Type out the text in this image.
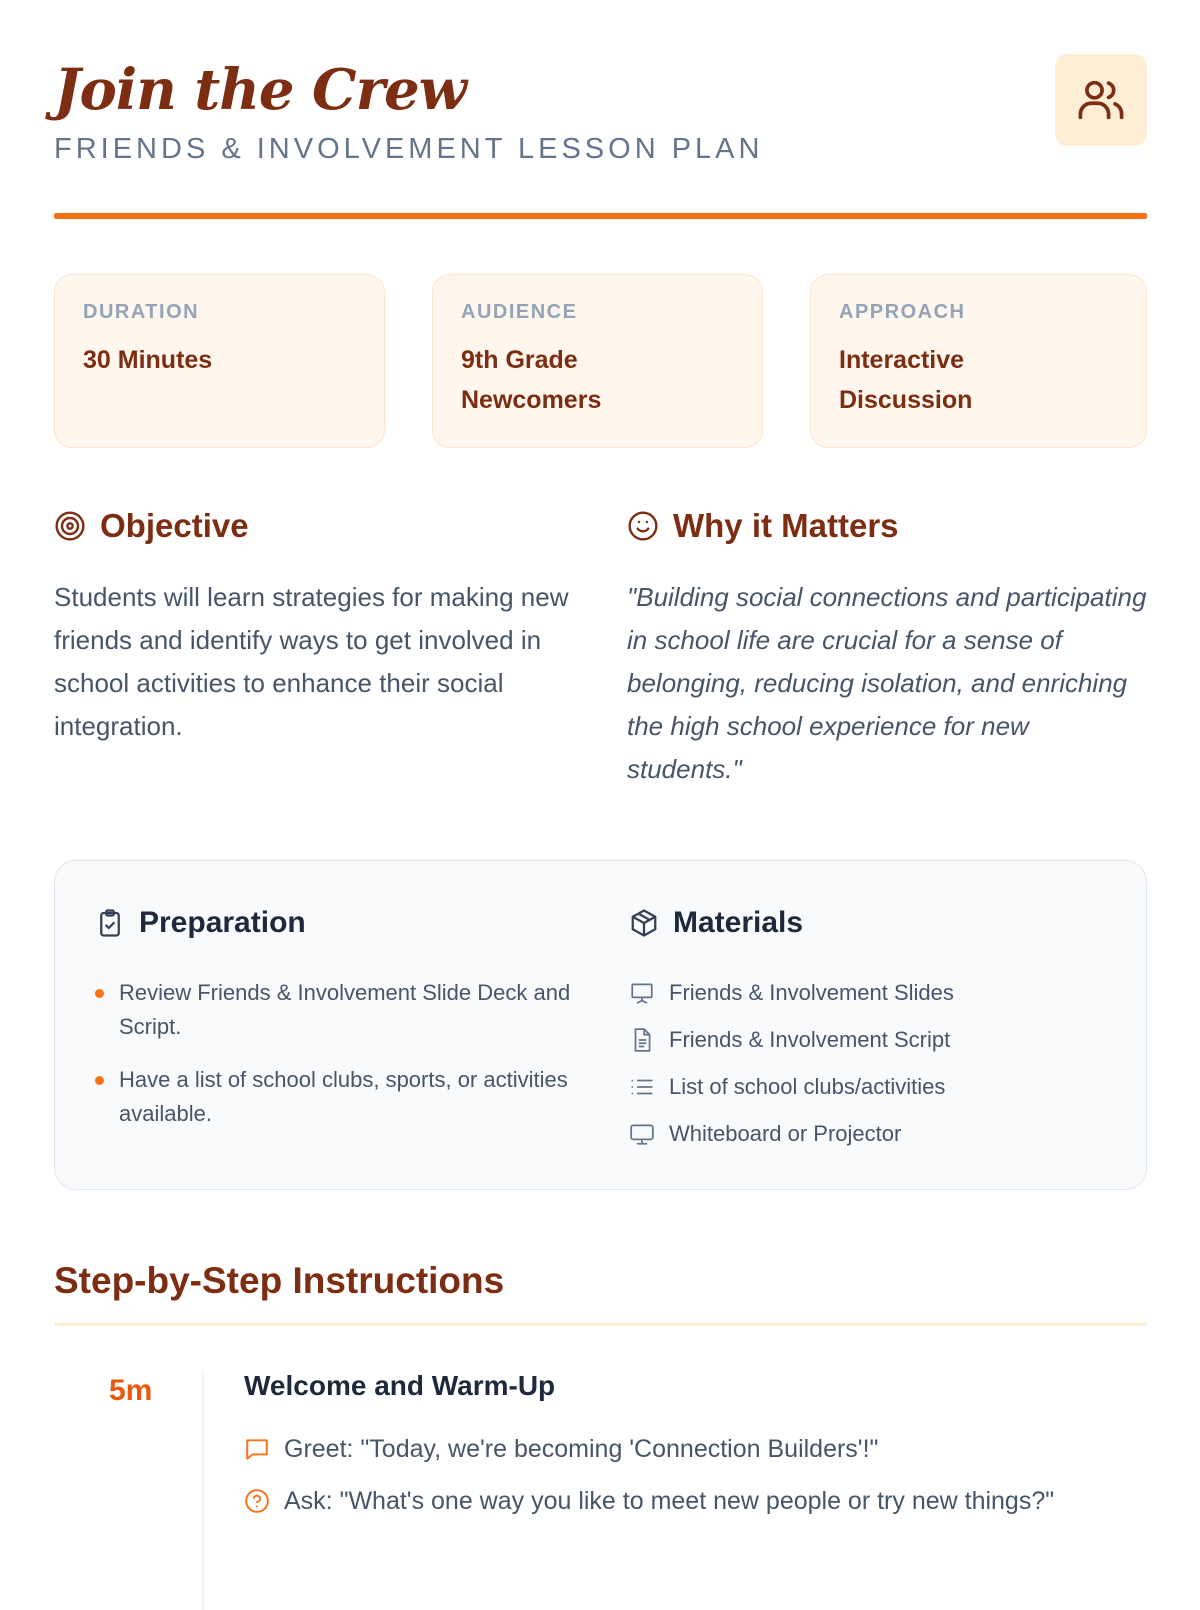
Join the Crew
FRIENDS & INVOLVEMENT LESSON PLAN
DURATION
30 Minutes
AUDIENCE
9th Grade Newcomers
APPROACH
Interactive Discussion
Objective
Students will learn strategies for making new friends and identify ways to get involved in school activities to enhance their social integration.
Why it Matters
"Building social connections and participating in school life are crucial for a sense of belonging, reducing isolation, and enriching the high school experience for new students."
Preparation
Review Friends & Involvement Slide Deck and Script.
Have a list of school clubs, sports, or activities available.
Materials
Friends & Involvement Slides
Friends & Involvement Script
List of school clubs/activities
Whiteboard or Projector
Step-by-Step Instructions
5m	Welcome and Warm-Up
Greet: "Today, we're becoming 'Connection Builders'!"
Ask: "What's one way you like to meet new people or try new things?"
